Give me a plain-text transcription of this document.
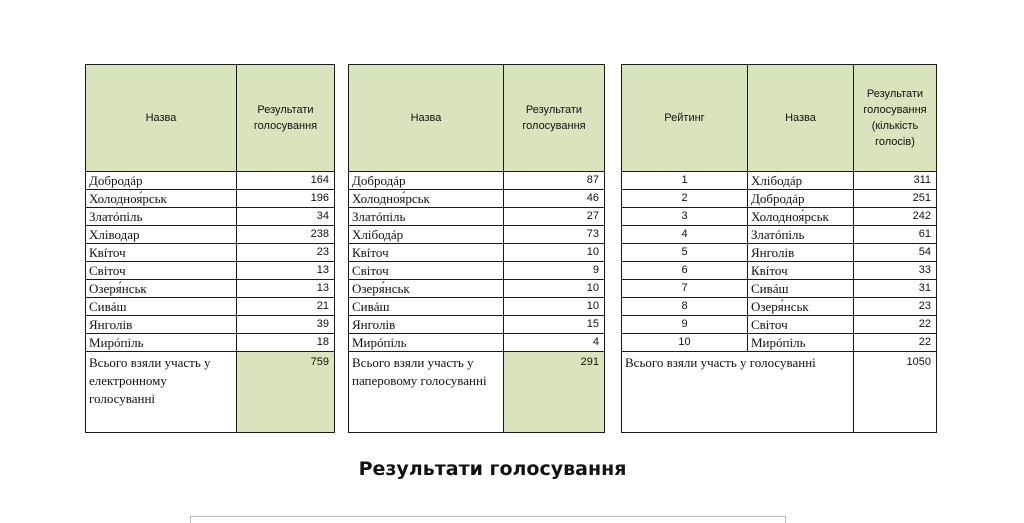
Назва	Результати голосування
Добродáр	164
Холодноя́рськ	196
Златóпіль	34
Хліводар	238
Квíточ	23
Світоч	13
Озеря́нськ	13
Сивáш	21
Янголів	39
Мирóпіль	18
Всього взяли участь у електронному голосуванні	759
Назва	Результати голосування
Добродáр	87
Холодноя́рськ	46
Златóпіль	27
Хлібодáр	73
Квíточ	10
Світоч	9
Озеря́нськ	10
Сивáш	10
Янголів	15
Мирóпіль	4
Всього взяли участь у паперовому голосуванні	291
Рейтинг	Назва	Результати голосування (кількість голосів)
1	Хлібодáр	311
2	Добродáр	251
3	Холодноя́рськ	242
4	Златóпіль	61
5	Янголів	54
6	Квíточ	33
7	Сивáш	31
8	Озеря́нськ	23
9	Світоч	22
10	Мирóпіль	22
Всього взяли участь у голосуванні		1050
Результати голосування
